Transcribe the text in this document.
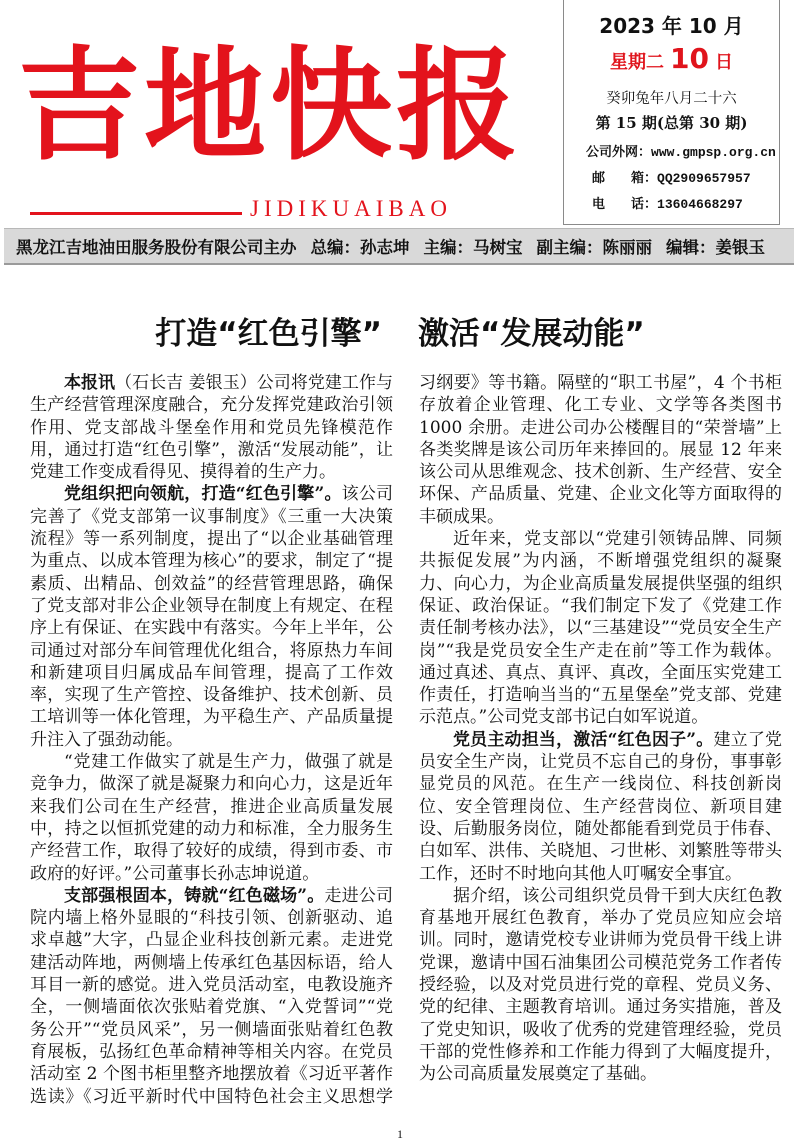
吉地快报
JIDIKUAIBAO
2023 年 10 月
星期二 10 日
癸卯兔年八月二十六
第 15 期(总第 30 期)
公司外网：www.gmpsp.org.cn
邮　　箱：QQ2909657957
电　　话：13604668297
黑龙江吉地油田服务股份有限公司主办 总编：孙志坤 主编：马树宝 副主编：陈丽丽 编辑：姜银玉
打造“红色引擎” 激活“发展动能”

本报讯（石长吉 姜银玉）公司将党建工作与生产经营管理深度融合，充分发挥党建政治引领作用、党支部战斗堡垒作用和党员先锋模范作用，通过打造“红色引擎”，激活“发展动能”，让党建工作变成看得见、摸得着的生产力。

党组织把向领航，打造“红色引擎”。该公司完善了《党支部第一议事制度》《三重一大决策流程》等一系列制度，提出了“以企业基础管理为重点、以成本管理为核心”的要求，制定了“提素质、出精品、创效益”的经营管理思路，确保了党支部对非公企业领导在制度上有规定、在程序上有保证、在实践中有落实。今年上半年，公司通过对部分车间管理优化组合，将原热力车间和新建项目归属成品车间管理，提高了工作效率，实现了生产管控、设备维护、技术创新、员工培训等一体化管理，为平稳生产、产品质量提升注入了强劲动能。

“党建工作做实了就是生产力，做强了就是竞争力，做深了就是凝聚力和向心力，这是近年来我们公司在生产经营，推进企业高质量发展中，持之以恒抓党建的动力和标准，全力服务生产经营工作，取得了较好的成绩，得到市委、市政府的好评。”公司董事长孙志坤说道。

支部强根固本，铸就“红色磁场”。走进公司院内墙上格外显眼的“科技引领、创新驱动、追求卓越”大字，凸显企业科技创新元素。走进党建活动阵地，两侧墙上传承红色基因标语，给人耳目一新的感觉。进入党员活动室，电教设施齐全，一侧墙面依次张贴着党旗、“入党誓词”“党务公开”“党员风采”，另一侧墙面张贴着红色教育展板，弘扬红色革命精神等相关内容。在党员活动室 2 个图书柜里整齐地摆放着《习近平著作选读》《习近平新时代中国特色社会主义思想学习纲要》等书籍。隔壁的“职工书屋”，4 个书柜存放着企业管理、化工专业、文学等各类图书 1000 余册。走进公司办公楼醒目的“荣誉墙”上各类奖牌是该公司历年来捧回的。展显 12 年来该公司从思维观念、技术创新、生产经营、安全环保、产品质量、党建、企业文化等方面取得的丰硕成果。

近年来，党支部以“党建引领铸品牌、同频共振促发展”为内涵，不断增强党组织的凝聚力、向心力，为企业高质量发展提供坚强的组织保证、政治保证。“我们制定下发了《党建工作责任制考核办法》，以“三基建设”“党员安全生产岗”“我是党员安全生产走在前”等工作为载体。通过真述、真点、真评、真改，全面压实党建工作责任，打造响当当的“五星堡垒”党支部、党建示范点。”公司党支部书记白如军说道。

党员主动担当，激活“红色因子”。建立了党员安全生产岗，让党员不忘自己的身份，事事彰显党员的风范。在生产一线岗位、科技创新岗位、安全管理岗位、生产经营岗位、新项目建设、后勤服务岗位，随处都能看到党员于伟春、白如军、洪伟、关晓旭、刁世彬、刘繁胜等带头工作，还时不时地向其他人叮嘱安全事宜。

据介绍，该公司组织党员骨干到大庆红色教育基地开展红色教育，举办了党员应知应会培训。同时，邀请党校专业讲师为党员骨干线上讲党课，邀请中国石油集团公司模范党务工作者传授经验，以及对党员进行党的章程、党员义务、党的纪律、主题教育培训。通过务实措施，普及了党史知识，吸收了优秀的党建管理经验，党员干部的党性修养和工作能力得到了大幅度提升，为公司高质量发展奠定了基础。

1
